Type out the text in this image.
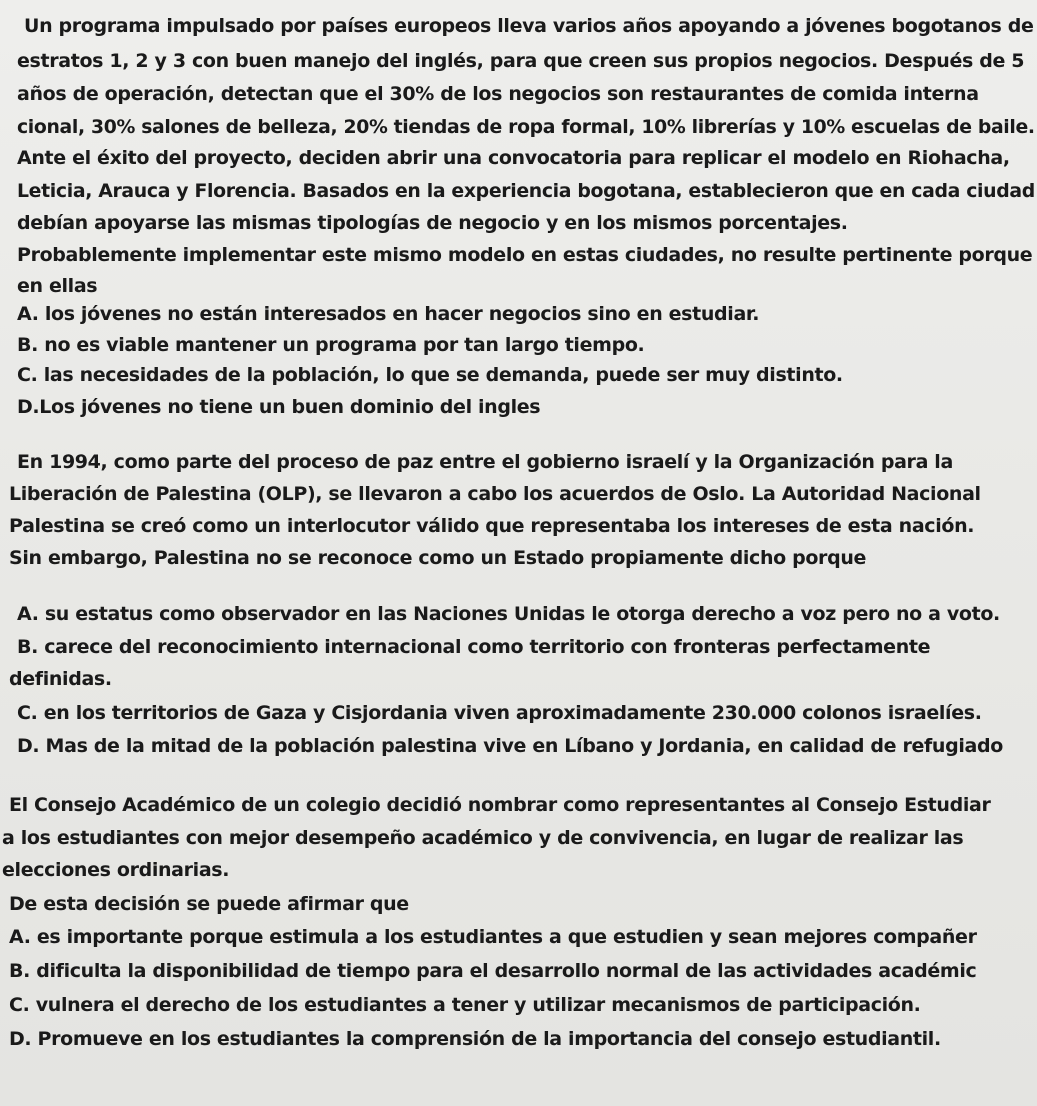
Un programa impulsado por países europeos lleva varios años apoyando a jóvenes bogotanos de
estratos 1, 2 y 3 con buen manejo del inglés, para que creen sus propios negocios. Después de 5
años de operación, detectan que el 30% de los negocios son restaurantes de comida interna
cional, 30% salones de belleza, 20% tiendas de ropa formal, 10% librerías y 10% escuelas de baile.
Ante el éxito del proyecto, deciden abrir una convocatoria para replicar el modelo en Riohacha,
Leticia, Arauca y Florencia. Basados en la experiencia bogotana, establecieron que en cada ciudad
debían apoyarse las mismas tipologías de negocio y en los mismos porcentajes.
Probablemente implementar este mismo modelo en estas ciudades, no resulte pertinente porque
en ellas
A. los jóvenes no están interesados en hacer negocios sino en estudiar.
B. no es viable mantener un programa por tan largo tiempo.
C. las necesidades de la población, lo que se demanda, puede ser muy distinto.
D.Los jóvenes no tiene un buen dominio del ingles
En 1994, como parte del proceso de paz entre el gobierno israelí y la Organización para la
Liberación de Palestina (OLP), se llevaron a cabo los acuerdos de Oslo. La Autoridad Nacional
Palestina se creó como un interlocutor válido que representaba los intereses de esta nación.
Sin embargo, Palestina no se reconoce como un Estado propiamente dicho porque
A. su estatus como observador en las Naciones Unidas le otorga derecho a voz pero no a voto.
B. carece del reconocimiento internacional como territorio con fronteras perfectamente
definidas.
C. en los territorios de Gaza y Cisjordania viven aproximadamente 230.000 colonos israelíes.
D. Mas de la mitad de la población palestina vive en Líbano y Jordania, en calidad de refugiado
El Consejo Académico de un colegio decidió nombrar como representantes al Consejo Estudiar
a los estudiantes con mejor desempeño académico y de convivencia, en lugar de realizar las
elecciones ordinarias.
De esta decisión se puede afirmar que
A. es importante porque estimula a los estudiantes a que estudien y sean mejores compañer
B. dificulta la disponibilidad de tiempo para el desarrollo normal de las actividades académic
C. vulnera el derecho de los estudiantes a tener y utilizar mecanismos de participación.
D. Promueve en los estudiantes la comprensión de la importancia del consejo estudiantil.
